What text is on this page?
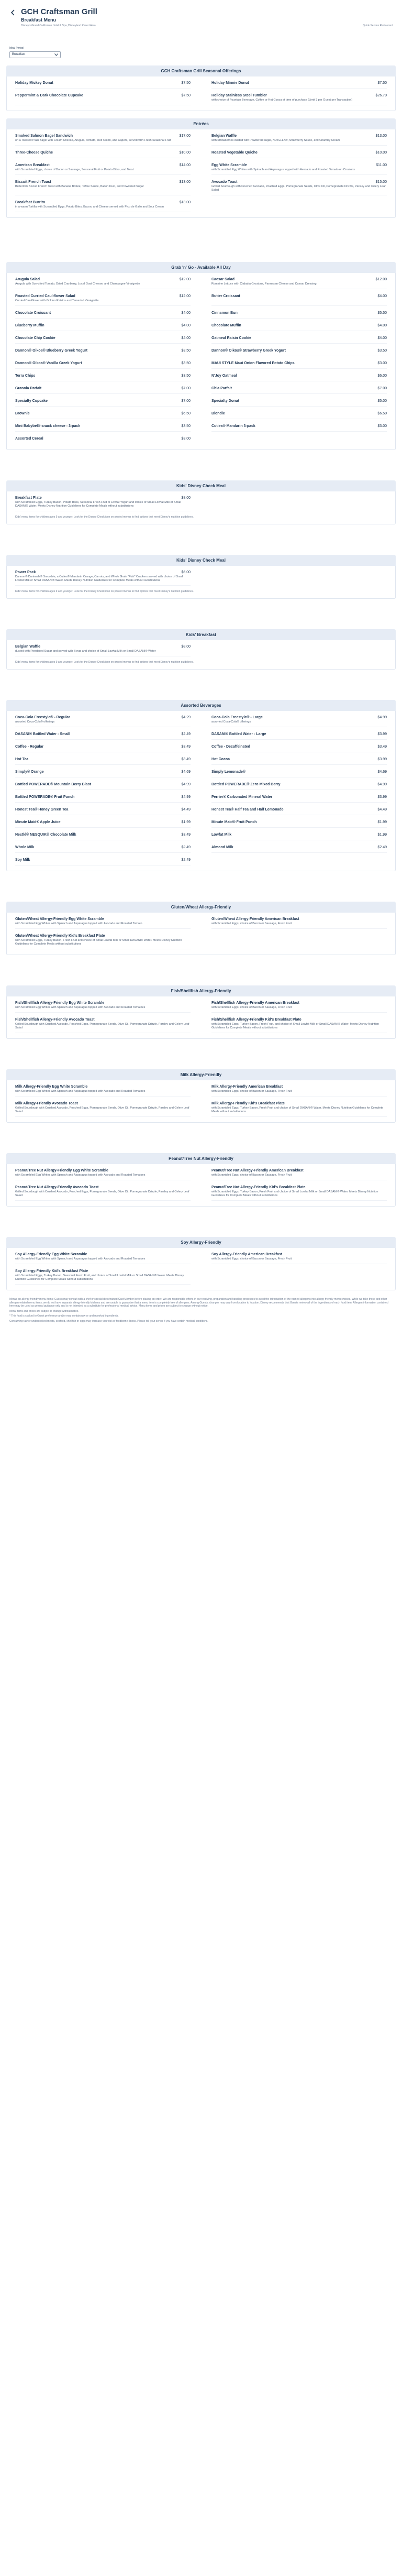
GCH Craftsman Grill
Breakfast Menu
Disney's Grand Californian Hotel & Spa, Disneyland Resort Area	Quick-Service Restaurant
Meal Period
Breakfast
GCH Craftsman Grill Seasonal Offerings
Holiday Mickey Donut	$7.50	Holiday Minnie Donut	$7.50
Peppermint & Dark Chocolate Cupcake	$7.50	Holiday Stainless Steel Tumbler	$26.79
with choice of Fountain Beverage, Coffee or Hot Cocoa at time of purchase (Limit 3 per Guest per Transaction)
Entrées
Smoked Salmon Bagel Sandwich	$17.00
on a Toasted Plain Bagel with Cream Cheese, Arugula, Tomato, Red Onion, and Capers, served with Fresh Seasonal Fruit
Belgian Waffle	$13.00
with Strawberries dusted with Powdered Sugar, NUTELLA®, Strawberry Sauce, and Chantilly Cream
Three-Cheese Quiche	$10.00	Roasted Vegetable Quiche	$10.00
American Breakfast	$14.00
with Scrambled Eggs, choice of Bacon or Sausage, Seasonal Fruit or Potato Bites, and Toast
Egg White Scramble	$11.00
with Scrambled Egg Whites with Spinach and Asparagus topped with Avocado and Roasted Tomato on Croutons
Biscuit French Toast	$13.00
Buttermilk Biscuit French Toast with Banana Brûlée, Toffee Sauce, Bacon Dust, and Powdered Sugar
Avocado Toast	$15.00
Grilled Sourdough with Crushed Avocado, Poached Eggs, Pomegranate Seeds, Olive Oil, Pomegranate Drizzle, Parsley and Celery Leaf Salad
Breakfast Burrito	$13.00
in a warm Tortilla with Scrambled Eggs, Potato Bites, Bacon, and Cheese served with Pico de Gallo and Sour Cream
Grab 'n' Go - Available All Day
Arugula Salad	$12.00
Arugula with Sun-dried Tomato, Dried Cranberry, Local Goat Cheese, and Champagne Vinaigrette
Caesar Salad	$12.00
Romaine Lettuce with Ciabatta Croutons, Parmesan Cheese and Caesar Dressing
Roasted Curried Cauliflower Salad	$12.00
Curried Cauliflower with Golden Raisins and Tamarind Vinaigrette
Butter Croissant	$4.00
Chocolate Croissant	$4.00	Cinnamon Bun	$5.50
Blueberry Muffin	$4.00	Chocolate Muffin	$4.00
Chocolate Chip Cookie	$4.00	Oatmeal Raisin Cookie	$4.00
Dannon® Oikos® Blueberry Greek Yogurt	$3.50	Dannon® Oikos® Strawberry Greek Yogurt	$3.50
Dannon® Oikos® Vanilla Greek Yogurt	$3.50	MAUI STYLE Maui Onion Flavored Potato Chips	$3.00
Terra Chips	$3.50	N'Joy Oatmeal	$6.00
Granola Parfait	$7.00	Chia Parfait	$7.00
Specialty Cupcake	$7.00	Specialty Donut	$5.00
Brownie	$6.50	Blondie	$6.50
Mini Babybel® snack cheese - 3-pack	$3.50	Cuties® Mandarin 3-pack	$3.00
Assorted Cereal	$3.00
Kids' Disney Check Meal
Breakfast Plate	$8.00
with Scrambled Eggs, Turkey Bacon, Potato Bites, Seasonal Fresh Fruit or Lowfat Yogurt and choice of Small Lowfat Milk or Small DASANI® Water. Meets Disney Nutrition Guidelines for Complete Meals without substitutions
Kids' menu items for children ages 9 and younger. Look for the Disney Check icon on printed menus to find options that meet Disney's nutrition guidelines.
Kids' Disney Check Meal
Power Pack	$6.00
Dannon® Danimals® Smoothie, a Cuties® Mandarin Orange, Carrots, and Whole Grain "Fish" Crackers served with choice of Small Lowfat Milk or Small DASANI® Water. Meets Disney Nutrition Guidelines for Complete Meals without substitutions
Kids' menu items for children ages 9 and younger. Look for the Disney Check icon on printed menus to find options that meet Disney's nutrition guidelines.
Kids' Breakfast
Belgian Waffle	$8.00
dusted with Powdered Sugar and served with Syrup and choice of Small Lowfat Milk or Small DASANI® Water
Kids' menu items for children ages 9 and younger. Look for the Disney Check icon on printed menus to find options that meet Disney's nutrition guidelines.
Assorted Beverages
Coca-Cola Freestyle® - Regular	$4.29
assorted Coca-Cola® offerings
Coca-Cola Freestyle® - Large	$4.99
assorted Coca-Cola® offerings
DASANI® Bottled Water - Small	$2.49	DASANI® Bottled Water - Large	$3.99
Coffee - Regular	$3.49	Coffee - Decaffeinated	$3.49
Hot Tea	$3.49	Hot Cocoa	$3.99
Simply® Orange	$4.69	Simply Lemonade®	$4.69
Bottled POWERADE® Mountain Berry Blast	$4.99	Bottled POWERADE® Zero Mixed Berry	$4.99
Bottled POWERADE® Fruit Punch	$4.99	Perrier® Carbonated Mineral Water	$3.99
Honest Tea® Honey Green Tea	$4.49	Honest Tea® Half Tea and Half Lemonade	$4.49
Minute Maid® Apple Juice	$1.99	Minute Maid® Fruit Punch	$1.99
Nestlé® NESQUIK® Chocolate Milk	$3.49	Lowfat Milk	$1.99
Whole Milk	$2.49	Almond Milk	$2.49
Soy Milk	$2.49
Gluten/Wheat Allergy-Friendly
Gluten/Wheat Allergy-Friendly Egg White Scramble
with Scrambled Egg Whites with Spinach and Asparagus topped with Avocado and Roasted Tomato
Gluten/Wheat Allergy-Friendly American Breakfast
with Scrambled Eggs, choice of Bacon or Sausage, Fresh Fruit
Gluten/Wheat Allergy-Friendly Kid's Breakfast Plate
with Scrambled Eggs, Turkey Bacon, Fresh Fruit and choice of Small Lowfat Milk or Small DASANI® Water. Meets Disney Nutrition Guidelines for Complete Meals without substitutions
Fish/Shellfish Allergy-Friendly
Fish/Shellfish Allergy-Friendly Egg White Scramble
with Scrambled Egg Whites with Spinach and Asparagus topped with Avocado and Roasted Tomatoes
Fish/Shellfish Allergy-Friendly American Breakfast
with Scrambled Eggs, choice of Bacon or Sausage, Fresh Fruit
Fish/Shellfish Allergy-Friendly Avocado Toast
Grilled Sourdough with Crushed Avocado, Poached Eggs, Pomegranate Seeds, Olive Oil, Pomegranate Drizzle, Parsley and Celery Leaf Salad
Fish/Shellfish Allergy-Friendly Kid's Breakfast Plate
with Scrambled Eggs, Turkey Bacon, Fresh Fruit, and choice of Small Lowfat Milk or Small DASANI® Water. Meets Disney Nutrition Guidelines for Complete Meals without substitutions
Milk Allergy-Friendly
Milk Allergy-Friendly Egg White Scramble
with Scrambled Egg Whites with Spinach and Asparagus topped with Avocado and Roasted Tomatoes
Milk Allergy-Friendly American Breakfast
with Scrambled Eggs, choice of Bacon or Sausage, Fresh Fruit
Milk Allergy-Friendly Avocado Toast
Grilled Sourdough with Crushed Avocado, Poached Eggs, Pomegranate Seeds, Olive Oil, Pomegranate Drizzle, Parsley and Celery Leaf Salad
Milk Allergy-Friendly Kid's Breakfast Plate
with Scrambled Eggs, Turkey Bacon, Fresh Fruit and choice of Small DASANI® Water. Meets Disney Nutrition Guidelines for Complete Meals without substitutions
Peanut/Tree Nut Allergy-Friendly
Peanut/Tree Nut Allergy-Friendly Egg White Scramble
with Scrambled Egg Whites with Spinach and Asparagus topped with Avocado and Roasted Tomatoes
Peanut/Tree Nut Allergy-Friendly American Breakfast
with Scrambled Eggs, choice of Bacon or Sausage, Fresh Fruit
Peanut/Tree Nut Allergy-Friendly Avocado Toast
Grilled Sourdough with Crushed Avocado, Poached Eggs, Pomegranate Seeds, Olive Oil, Pomegranate Drizzle, Parsley and Celery Leaf Salad
Peanut/Tree Nut Allergy-Friendly Kid's Breakfast Plate
with Scrambled Eggs, Turkey Bacon, Fresh Fruit and choice of Small Lowfat Milk or Small DASANI® Water. Meets Disney Nutrition Guidelines for Complete Meals without substitutions
Soy Allergy-Friendly
Soy Allergy-Friendly Egg White Scramble
with Scrambled Egg Whites with Spinach and Asparagus topped with Avocado and Roasted Tomatoes
Soy Allergy-Friendly American Breakfast
with Scrambled Eggs, choice of Bacon or Sausage, Fresh Fruit
Soy Allergy-Friendly Kid's Breakfast Plate
with Scrambled Eggs, Turkey Bacon, Seasonal Fresh Fruit, and choice of Small Lowfat Milk or Small DASANI® Water. Meets Disney Nutrition Guidelines for Complete Meals without substitutions

Menus on allergy-friendly menu items: Guests may consult with a chef or special diets trained Cast Member before placing an order. We are responsible efforts in our receiving, preparation and handling processes to avoid the introduction of the named allergens into allergy-friendly menu choices. While we take these and other allergen-related menu items, we do not have separate allergy-friendly kitchens and are unable to guarantee that a menu item is completely free of allergens. Among Guests, changes may vary from location to location. Disney recommends that Guests review all of the ingredients of each food item. Allergen information contained here may be used as general guidance only and is not intended as a substitute for professional medical advice. Menu items and prices are subject to change without notice.

Menu items and prices are subject to change without notice.

* This food is cooked to Guest preference and/or may contain raw or undercooked ingredients.

Consuming raw or undercooked meats, seafood, shellfish or eggs may increase your risk of foodborne illness. Please tell your server if you have certain medical conditions.
